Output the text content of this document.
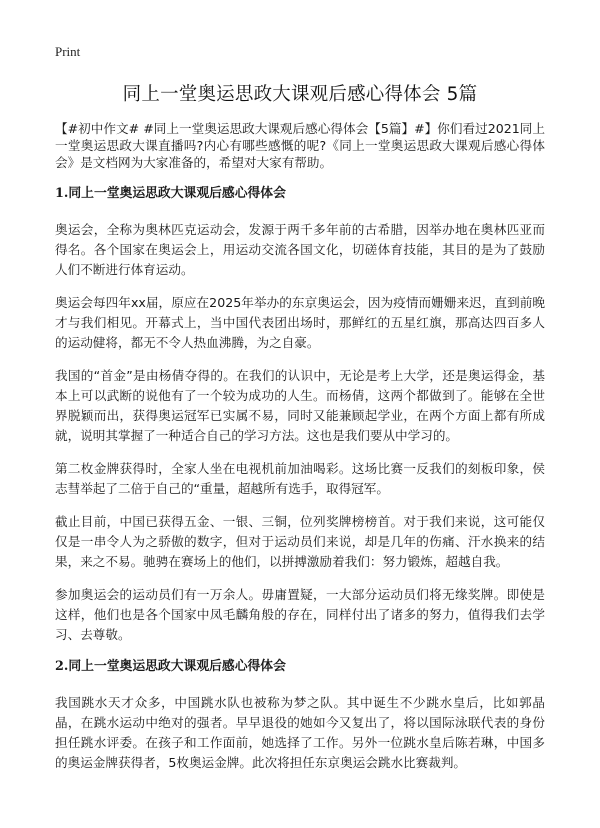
Print
同上一堂奥运思政大课观后感心得体会 5篇

【#初中作文# #同上一堂奥运思政大课观后感心得体会【5篇】#】你们看过2021同上一堂奥运思政大课直播吗?内心有哪些感慨的呢?《同上一堂奥运思政大课观后感心得体会》是文档网为大家准备的，希望对大家有帮助。

1.同上一堂奥运思政大课观后感心得体会

奥运会，全称为奥林匹克运动会，发源于两千多年前的古希腊，因举办地在奥林匹亚而得名。各个国家在奥运会上，用运动交流各国文化，切磋体育技能，其目的是为了鼓励人们不断进行体育运动。

奥运会每四年xx届，原应在2025年举办的东京奥运会，因为疫情而姗姗来迟，直到前晚才与我们相见。开幕式上，当中国代表团出场时，那鲜红的五星红旗，那高达四百多人的运动健将，都无不令人热血沸腾，为之自豪。

我国的“首金”是由杨倩夺得的。在我们的认识中，无论是考上大学，还是奥运得金，基本上可以武断的说他有了一个较为成功的人生。而杨倩，这两个都做到了。能够在全世界脱颖而出，获得奥运冠军已实属不易，同时又能兼顾起学业，在两个方面上都有所成就，说明其掌握了一种适合自己的学习方法。这也是我们要从中学习的。

第二枚金牌获得时，全家人坐在电视机前加油喝彩。这场比赛一反我们的刻板印象，侯志彗举起了二倍于自己的“重量，超越所有选手，取得冠军。

截止目前，中国已获得五金、一银、三铜，位列奖牌榜榜首。对于我们来说，这可能仅仅是一串令人为之骄傲的数字，但对于运动员们来说，却是几年的伤痛、汗水换来的结果，来之不易。驰骋在赛场上的他们，以拼搏激励着我们：努力锻炼，超越自我。

参加奥运会的运动员们有一万余人。毋庸置疑，一大部分运动员们将无缘奖牌。即使是这样，他们也是各个国家中凤毛麟角般的存在，同样付出了诸多的努力，值得我们去学习、去尊敬。

2.同上一堂奥运思政大课观后感心得体会

我国跳水天才众多，中国跳水队也被称为梦之队。其中诞生不少跳水皇后，比如郭晶晶，在跳水运动中绝对的强者。早早退役的她如今又复出了，将以国际泳联代表的身份担任跳水评委。在孩子和工作面前，她选择了工作。另外一位跳水皇后陈若琳，中国多的奥运金牌获得者，5枚奥运金牌。此次将担任东京奥运会跳水比赛裁判。
